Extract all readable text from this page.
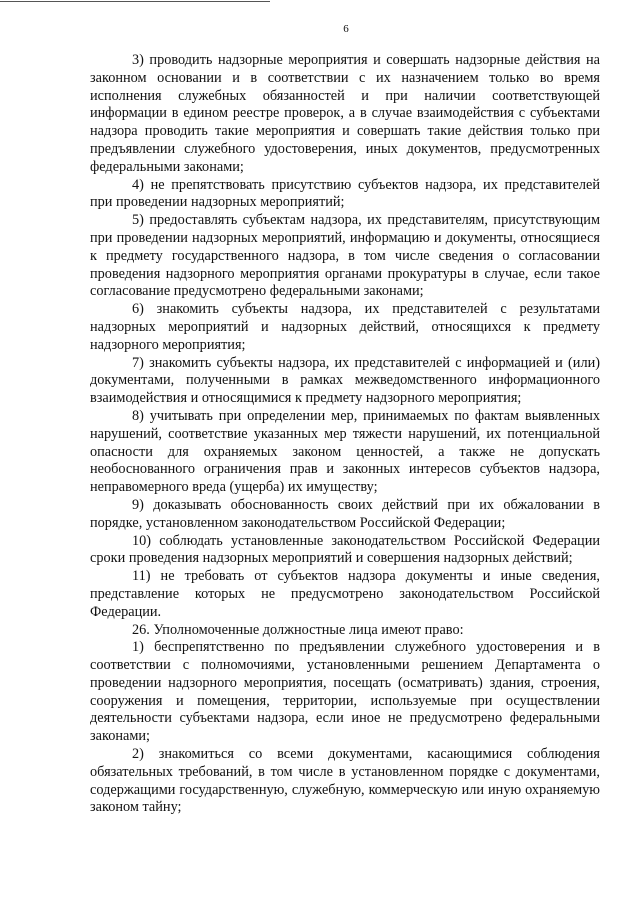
6

3) проводить надзорные мероприятия и совершать надзорные действия на законном основании и в соответствии с их назначением только во время исполнения служебных обязанностей и при наличии соответствующей информации в едином реестре проверок, а в случае взаимодействия с субъектами надзора проводить такие мероприятия и совершать такие действия только при предъявлении служебного удостоверения, иных документов, предусмотренных федеральными законами;

4) не препятствовать присутствию субъектов надзора, их представителей при проведении надзорных мероприятий;

5) предоставлять субъектам надзора, их представителям, присутствующим при проведении надзорных мероприятий, информацию и документы, относящиеся к предмету государственного надзора, в том числе сведения о согласовании проведения надзорного мероприятия органами прокуратуры в случае, если такое согласование предусмотрено федеральными законами;

6) знакомить субъекты надзора, их представителей с результатами надзорных мероприятий и надзорных действий, относящихся к предмету надзорного мероприятия;

7) знакомить субъекты надзора, их представителей с информацией и (или) документами, полученными в рамках межведомственного информационного взаимодействия и относящимися к предмету надзорного мероприятия;

8) учитывать при определении мер, принимаемых по фактам выявленных нарушений, соответствие указанных мер тяжести нарушений, их потенциальной опасности для охраняемых законом ценностей, а также не допускать необоснованного ограничения прав и законных интересов субъектов надзора, неправомерного вреда (ущерба) их имуществу;

9) доказывать обоснованность своих действий при их обжаловании в порядке, установленном законодательством Российской Федерации;

10) соблюдать установленные законодательством Российской Федерации сроки проведения надзорных мероприятий и совершения надзорных действий;

11) не требовать от субъектов надзора документы и иные сведения, представление которых не предусмотрено законодательством Российской Федерации.

26. Уполномоченные должностные лица имеют право:

1) беспрепятственно по предъявлении служебного удостоверения и в соответствии с полномочиями, установленными решением Департамента о проведении надзорного мероприятия, посещать (осматривать) здания, строения, сооружения и помещения, территории, используемые при осуществлении деятельности субъектами надзора, если иное не предусмотрено федеральными законами;

2) знакомиться со всеми документами, касающимися соблюдения обязательных требований, в том числе в установленном порядке с документами, содержащими государственную, служебную, коммерческую или иную охраняемую законом тайну;
